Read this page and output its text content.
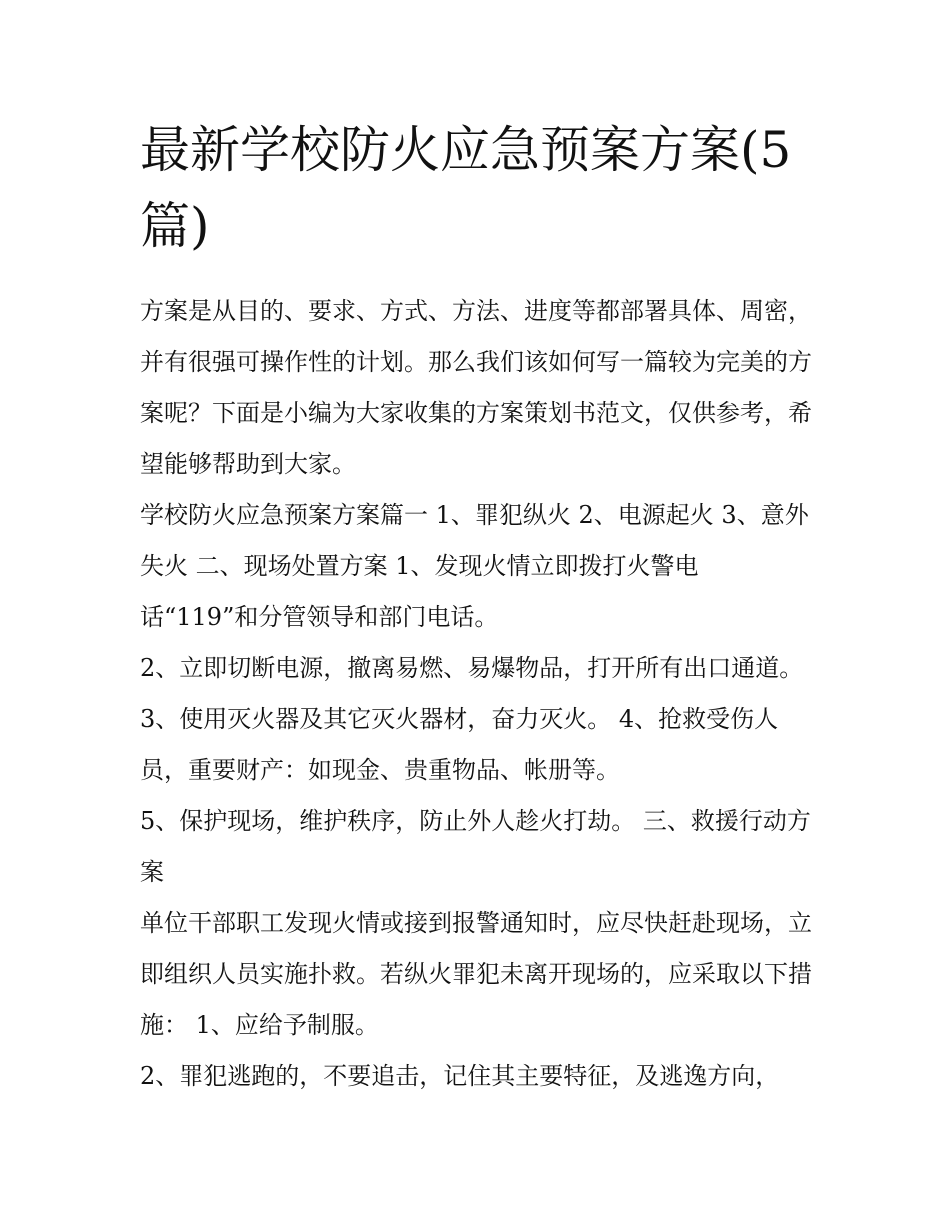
最新学校防火应急预案方案(5篇)

方案是从目的、要求、方式、方法、进度等都部署具体、周密，并有很强可操作性的计划。那么我们该如何写一篇较为完美的方案呢？下面是小编为大家收集的方案策划书范文，仅供参考，希望能够帮助到大家。

学校防火应急预案方案篇一 1、罪犯纵火 2、电源起火 3、意外失火 二、现场处置方案 1、发现火情立即拨打火警电话“119”和分管领导和部门电话。

2、立即切断电源，撤离易燃、易爆物品，打开所有出口通道。 3、使用灭火器及其它灭火器材，奋力灭火。 4、抢救受伤人员，重要财产：如现金、贵重物品、帐册等。

5、保护现场，维护秩序，防止外人趁火打劫。 三、救援行动方案

单位干部职工发现火情或接到报警通知时，应尽快赶赴现场，立即组织人员实施扑救。若纵火罪犯未离开现场的，应采取以下措施： 1、应给予制服。

2、罪犯逃跑的，不要追击，记住其主要特征，及逃逸方向，
